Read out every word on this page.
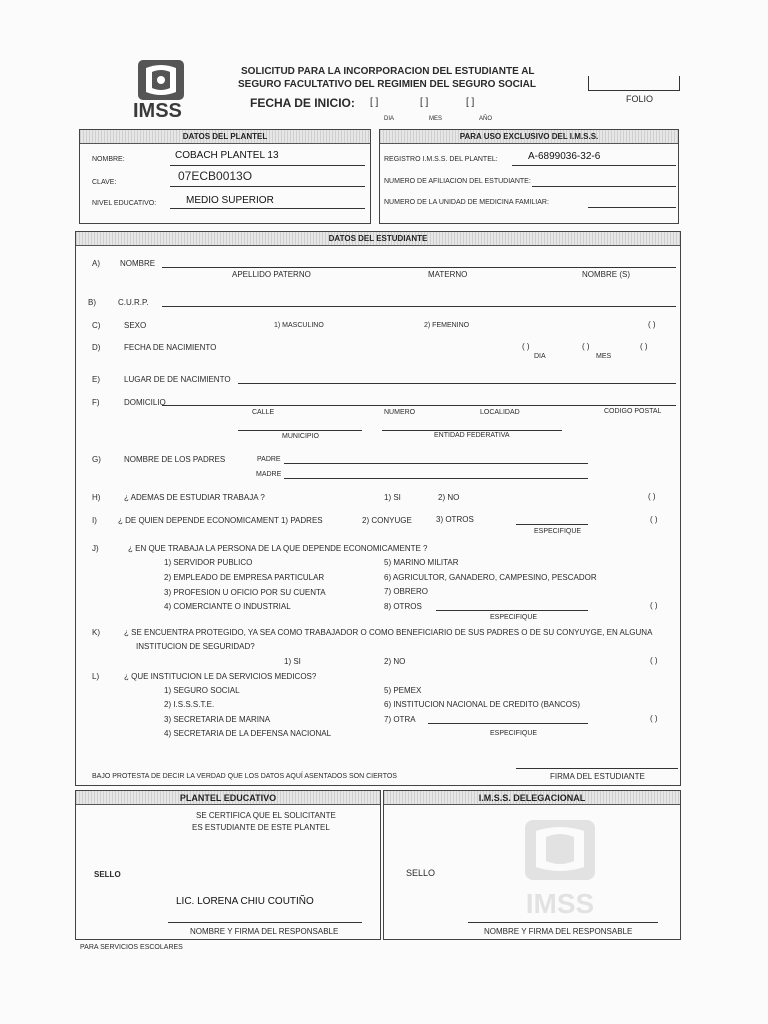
IMSS
SOLICITUD PARA LA INCORPORACION DEL ESTUDIANTE AL
SEGURO FACULTATIVO DEL REGIMIEN DEL SEGURO SOCIAL
FECHA DE INICIO: [ ]	[ ]	[ ]
DIA	MES	AÑO
FOLIO
DATOS DEL PLANTEL
NOMBRE:	COBACH PLANTEL 13
CLAVE:	07ECB0013O
NIVEL EDUCATIVO:	MEDIO SUPERIOR
PARA USO EXCLUSIVO DEL I.M.S.S.
REGISTRO I.M.S.S. DEL PLANTEL:	A-6899036-32-6
NUMERO DE AFILIACION DEL ESTUDIANTE:
NUMERO DE LA UNIDAD DE MEDICINA FAMILIAR:
DATOS DEL ESTUDIANTE
A)	NOMBRE
APELLIDO PATERNO	MATERNO	NOMBRE (S)
B)	C.U.R.P.
C)	SEXO	1) MASCULINO	2) FEMENINO	( )
D)	FECHA DE NACIMIENTO	( )	( )	( )
DIA	MES
E)	LUGAR DE DE NACIMIENTO
F)	DOMICILIO
CALLE	NUMERO	LOCALIDAD	CODIGO POSTAL
MUNICIPIO	ENTIDAD FEDERATIVA
G)	NOMBRE DE LOS PADRES	PADRE
MADRE
H)	¿ ADEMAS DE ESTUDIAR TRABAJA ?	1) SI	2) NO	( )
I)	¿ DE QUIEN DEPENDE ECONOMICAMENT 1) PADRES	2) CONYUGE	3) OTROS
ESPECIFIQUE
( )
J)	¿ EN QUE TRABAJA LA PERSONA DE LA QUE DEPENDE ECONOMICAMENTE ?
1) SERVIDOR PUBLICO
2) EMPLEADO DE EMPRESA PARTICULAR
3) PROFESION U OFICIO POR SU CUENTA
4) COMERCIANTE O INDUSTRIAL
5) MARINO MILITAR
6) AGRICULTOR, GANADERO, CAMPESINO, PESCADOR
7) OBRERO
8) OTROS
ESPECIFIQUE
( )
K)	¿ SE ENCUENTRA PROTEGIDO, YA SEA COMO TRABAJADOR O COMO BENEFICIARIO DE SUS PADRES O DE SU CONYUYGE, EN ALGUNA
INSTITUCION DE SEGURIDAD?
1) SI	2) NO	( )
L)	¿ QUE INSTITUCION LE DA SERVICIOS MEDICOS?
1) SEGURO SOCIAL
2) I.S.S.S.T.E.
3) SECRETARIA DE MARINA
4) SECRETARIA DE LA DEFENSA NACIONAL
5) PEMEX
6) INSTITUCION NACIONAL DE CREDITO (BANCOS)
7) OTRA
ESPECIFIQUE
( )
BAJO PROTESTA DE DECIR LA VERDAD QUE LOS DATOS AQUÍ ASENTADOS SON CIERTOS	FIRMA DEL ESTUDIANTE
PLANTEL EDUCATIVO
SE CERTIFICA QUE EL SOLICITANTE
ES ESTUDIANTE DE ESTE PLANTEL
SELLO
LIC. LORENA CHIU COUTIÑO
NOMBRE Y FIRMA DEL RESPONSABLE
I.M.S.S. DELEGACIONAL
IMSS
SELLO
NOMBRE Y FIRMA DEL RESPONSABLE
PARA SERVICIOS ESCOLARES
